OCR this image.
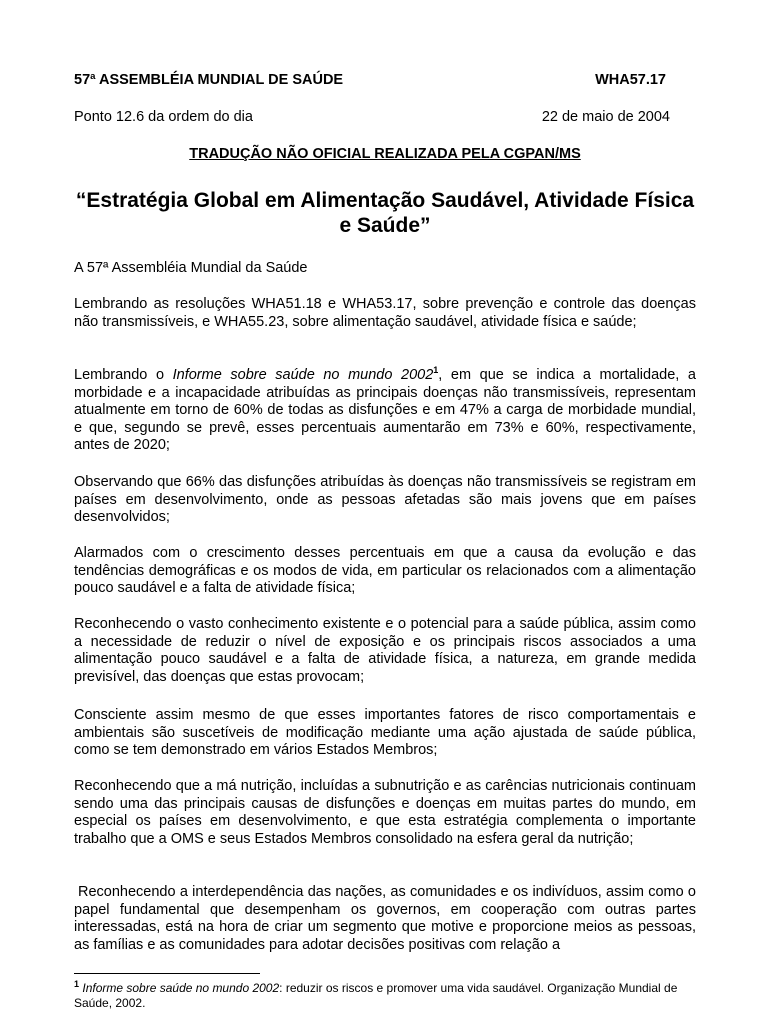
57ª ASSEMBLÉIA MUNDIAL DE SAÚDE	WHA57.17
Ponto 12.6 da ordem do dia	22 de maio de 2004
TRADUÇÃO NÃO OFICIAL REALIZADA PELA CGPAN/MS
“Estratégia Global em Alimentação Saudável, Atividade Física e Saúde”
A 57ª Assembléia Mundial da Saúde
Lembrando as resoluções WHA51.18 e WHA53.17, sobre prevenção e controle das doenças não transmissíveis, e WHA55.23, sobre alimentação saudável, atividade física e saúde;
Lembrando o Informe sobre saúde no mundo 2002$^1$, em que se indica a mortalidade, a morbidade e a incapacidade atribuídas as principais doenças não transmissíveis, representam atualmente em torno de 60% de todas as disfunções e em 47% a carga de morbidade mundial, e que, segundo se prevê, esses percentuais aumentarão em 73% e 60%, respectivamente, antes de 2020;
Observando que 66% das disfunções atribuídas às doenças não transmissíveis se registram em países em desenvolvimento, onde as pessoas afetadas são mais jovens que em países desenvolvidos;
Alarmados com o crescimento desses percentuais em que a causa da evolução e das tendências demográficas e os modos de vida, em particular os relacionados com a alimentação pouco saudável e a falta de atividade física;
Reconhecendo o vasto conhecimento existente e o potencial para a saúde pública, assim como a necessidade de reduzir o nível de exposição e os principais riscos associados a uma alimentação pouco saudável e a falta de atividade física, a natureza, em grande medida previsível, das doenças que estas provocam;
Consciente assim mesmo de que esses importantes fatores de risco comportamentais e ambientais são suscetíveis de modificação mediante uma ação ajustada de saúde pública, como se tem demonstrado em vários Estados Membros;
Reconhecendo que a má nutrição, incluídas a subnutrição e as carências nutricionais continuam sendo uma das principais causas de disfunções e doenças em muitas partes do mundo, em especial os países em desenvolvimento, e que esta estratégia complementa o importante trabalho que a OMS e seus Estados Membros consolidado na esfera geral da nutrição;
Reconhecendo a interdependência das nações, as comunidades e os indivíduos, assim como o papel fundamental que desempenham os governos, em cooperação com outras partes interessadas, está na hora de criar um segmento que motive e proporcione meios as pessoas, as famílias e as comunidades para adotar decisões positivas com relação a
$^1$ Informe sobre saúde no mundo 2002: reduzir os riscos e promover uma vida saudável. Organização Mundial de Saúde, 2002.
